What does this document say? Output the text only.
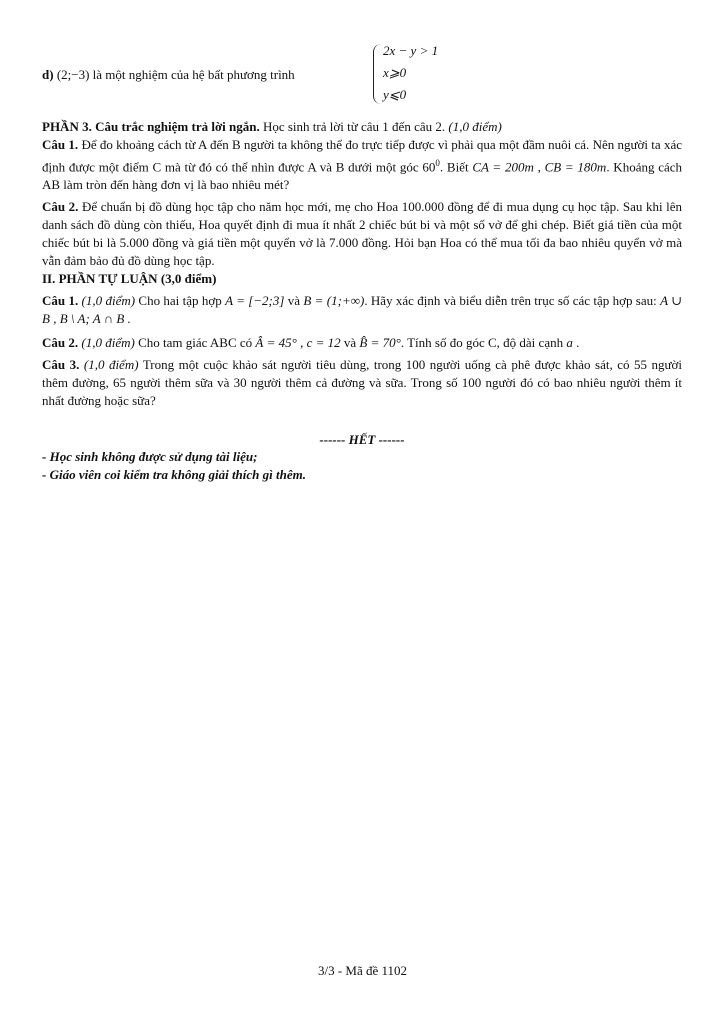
d) (2;−3) là một nghiệm của hệ bất phương trình
2x − y > 1
x⩾0
y⩽0

PHẦN 3. Câu trắc nghiệm trả lời ngắn. Học sinh trả lời từ câu 1 đến câu 2. (1,0 điểm)

Câu 1. Để đo khoảng cách từ A đến B người ta không thể đo trực tiếp được vì phải qua một đầm nuôi cá. Nên người ta xác định được một điểm C mà từ đó có thể nhìn được A và B dưới một góc $60^0$. Biết CA = 200m , CB = 180m. Khoảng cách AB làm tròn đến hàng đơn vị là bao nhiêu mét?

Câu 2. Để chuẩn bị đồ dùng học tập cho năm học mới, mẹ cho Hoa 100.000 đồng để đi mua dụng cụ học tập. Sau khi lên danh sách đồ dùng còn thiếu, Hoa quyết định đi mua ít nhất 2 chiếc bút bi và một số vở để ghi chép. Biết giá tiền của một chiếc bút bi là 5.000 đồng và giá tiền một quyển vở là 7.000 đồng. Hỏi bạn Hoa có thể mua tối đa bao nhiêu quyển vở mà vẫn đảm bảo đủ đồ dùng học tập.

II. PHẦN TỰ LUẬN (3,0 điểm)

Câu 1. (1,0 điểm) Cho hai tập hợp A = [−2;3] và B = (1;+∞). Hãy xác định và biểu diễn trên trục số các tập hợp sau: A ∪ B , B \ A; A ∩ B .

Câu 2. (1,0 điểm) Cho tam giác ABC có Â = 45° , c = 12 và B̂ = 70°. Tính số đo góc C, độ dài cạnh a .

Câu 3. (1,0 điểm) Trong một cuộc khảo sát người tiêu dùng, trong 100 người uống cà phê được khảo sát, có 55 người thêm đường, 65 người thêm sữa và 30 người thêm cả đường và sữa. Trong số 100 người đó có bao nhiêu người thêm ít nhất đường hoặc sữa?

------ HẾT ------
- Học sinh không được sử dụng tài liệu;
- Giáo viên coi kiểm tra không giải thích gì thêm.
3/3 - Mã đề 1102
